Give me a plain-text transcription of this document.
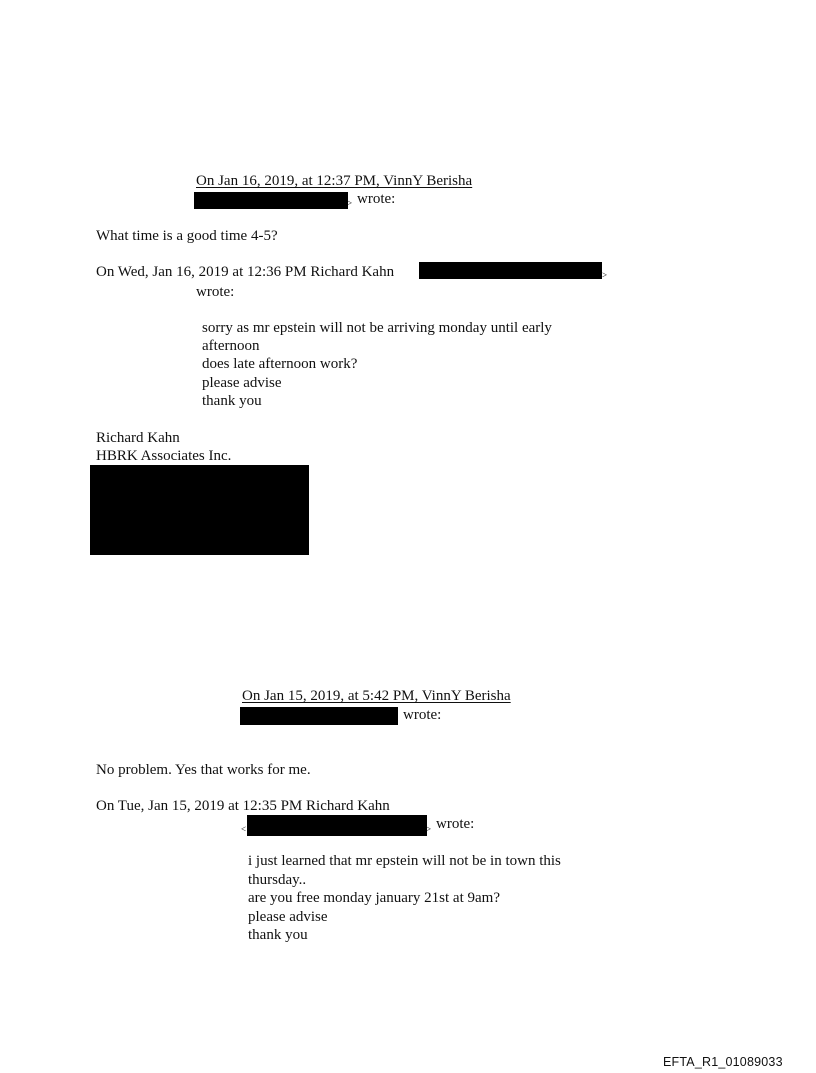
On Jan 16, 2019, at 12:37 PM, VinnY Berisha
> wrote:
What time is a good time 4-5?
On Wed, Jan 16, 2019 at 12:36 PM Richard Kahn	>
wrote:
sorry as mr epstein will not be arriving monday until early
afternoon
does late afternoon work?
please advise
thank you
Richard Kahn
HBRK Associates Inc.
On Jan 15, 2019, at 5:42 PM, VinnY Berisha
wrote:
No problem. Yes that works for me.
On Tue, Jan 15, 2019 at 12:35 PM Richard Kahn
<	> wrote:
i just learned that mr epstein will not be in town this
thursday..
are you free monday january 21st at 9am?
please advise
thank you
EFTA_R1_01089033
